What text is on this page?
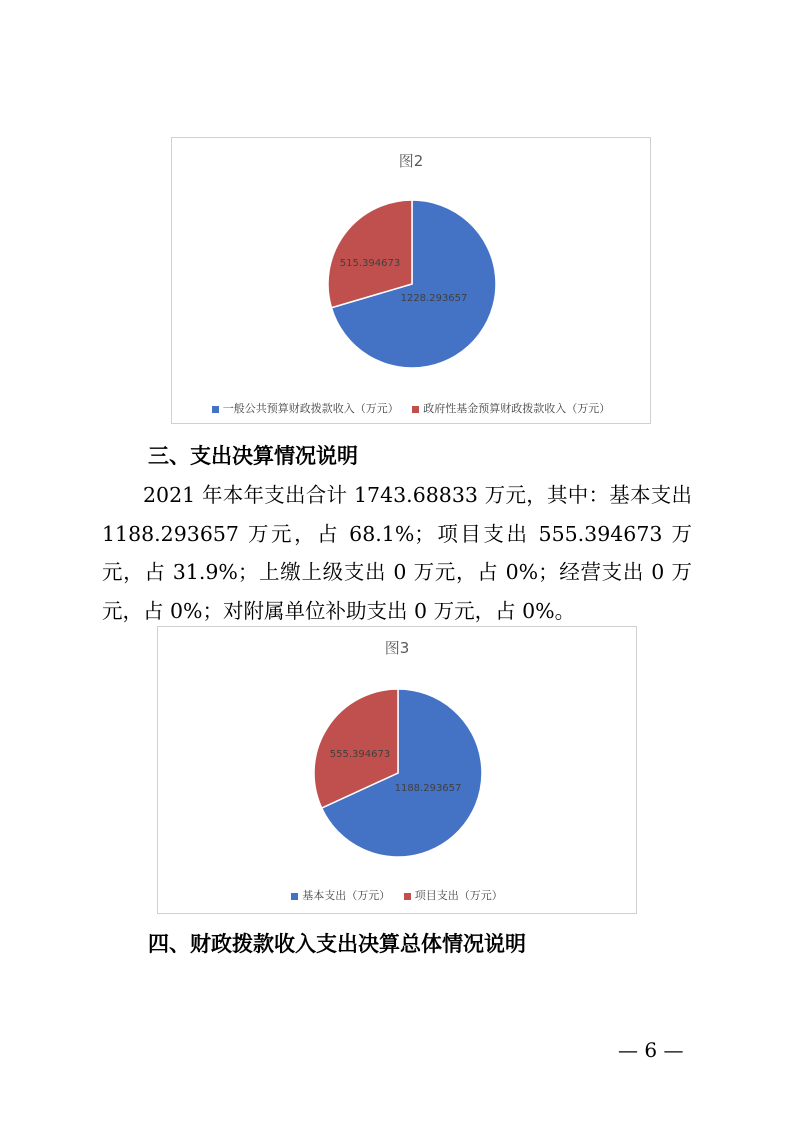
图2
1228.293657
515.394673
一般公共预算财政拨款收入（万元） 政府性基金预算财政拨款收入（万元）
三、支出决算情况说明
2021 年本年支出合计 1743.68833 万元，其中：基本支出 1188.293657 万元，占 68.1%；项目支出 555.394673 万元，占 31.9%；上缴上级支出 0 万元，占 0%；经营支出 0 万元，占 0%；对附属单位补助支出 0 万元，占 0%。
图3
1188.293657
555.394673
基本支出（万元） 项目支出（万元）
四、财政拨款收入支出决算总体情况说明
— 6 —
